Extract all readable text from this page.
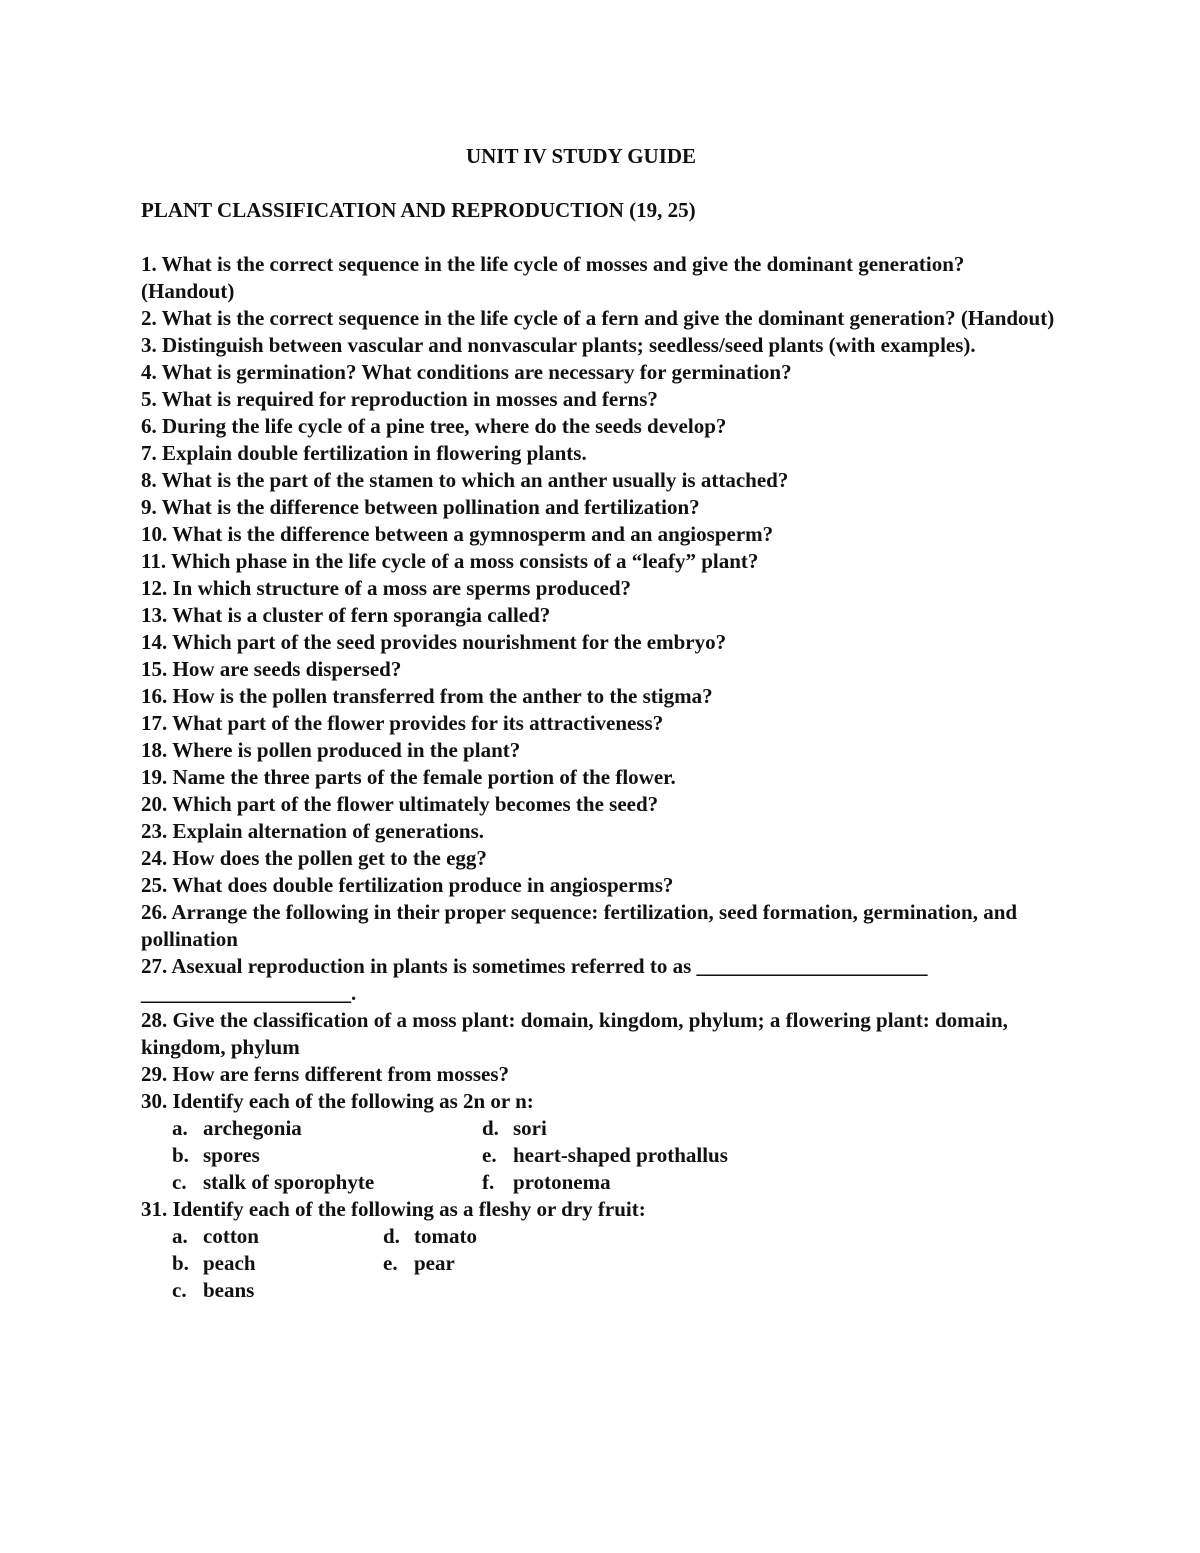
UNIT IV STUDY GUIDE
PLANT CLASSIFICATION AND REPRODUCTION (19, 25)
1. What is the correct sequence in the life cycle of mosses and give the dominant generation? (Handout)
2. What is the correct sequence in the life cycle of a fern and give the dominant generation? (Handout)
3. Distinguish between vascular and nonvascular plants; seedless/seed plants (with examples).
4. What is germination? What conditions are necessary for germination?
5. What is required for reproduction in mosses and ferns?
6. During the life cycle of a pine tree, where do the seeds develop?
7. Explain double fertilization in flowering plants.
8. What is the part of the stamen to which an anther usually is attached?
9. What is the difference between pollination and fertilization?
10. What is the difference between a gymnosperm and an angiosperm?
11. Which phase in the life cycle of a moss consists of a “leafy” plant?
12. In which structure of a moss are sperms produced?
13. What is a cluster of fern sporangia called?
14. Which part of the seed provides nourishment for the embryo?
15. How are seeds dispersed?
16. How is the pollen transferred from the anther to the stigma?
17. What part of the flower provides for its attractiveness?
18. Where is pollen produced in the plant?
19. Name the three parts of the female portion of the flower.
20. Which part of the flower ultimately becomes the seed?
23. Explain alternation of generations.
24. How does the pollen get to the egg?
25. What does double fertilization produce in angiosperms?
26. Arrange the following in their proper sequence: fertilization, seed formation, germination, and pollination
27. Asexual reproduction in plants is sometimes referred to as ______________________ ____________________.
28. Give the classification of a moss plant: domain, kingdom, phylum; a flowering plant: domain, kingdom, phylum
29. How are ferns different from mosses?
30. Identify each of the following as 2n or n:
a. archegonia	d. sori
b. spores	e. heart-shaped prothallus
c. stalk of sporophyte	f. protonema
31. Identify each of the following as a fleshy or dry fruit:
a. cotton	d. tomato
b. peach	e. pear
c. beans
